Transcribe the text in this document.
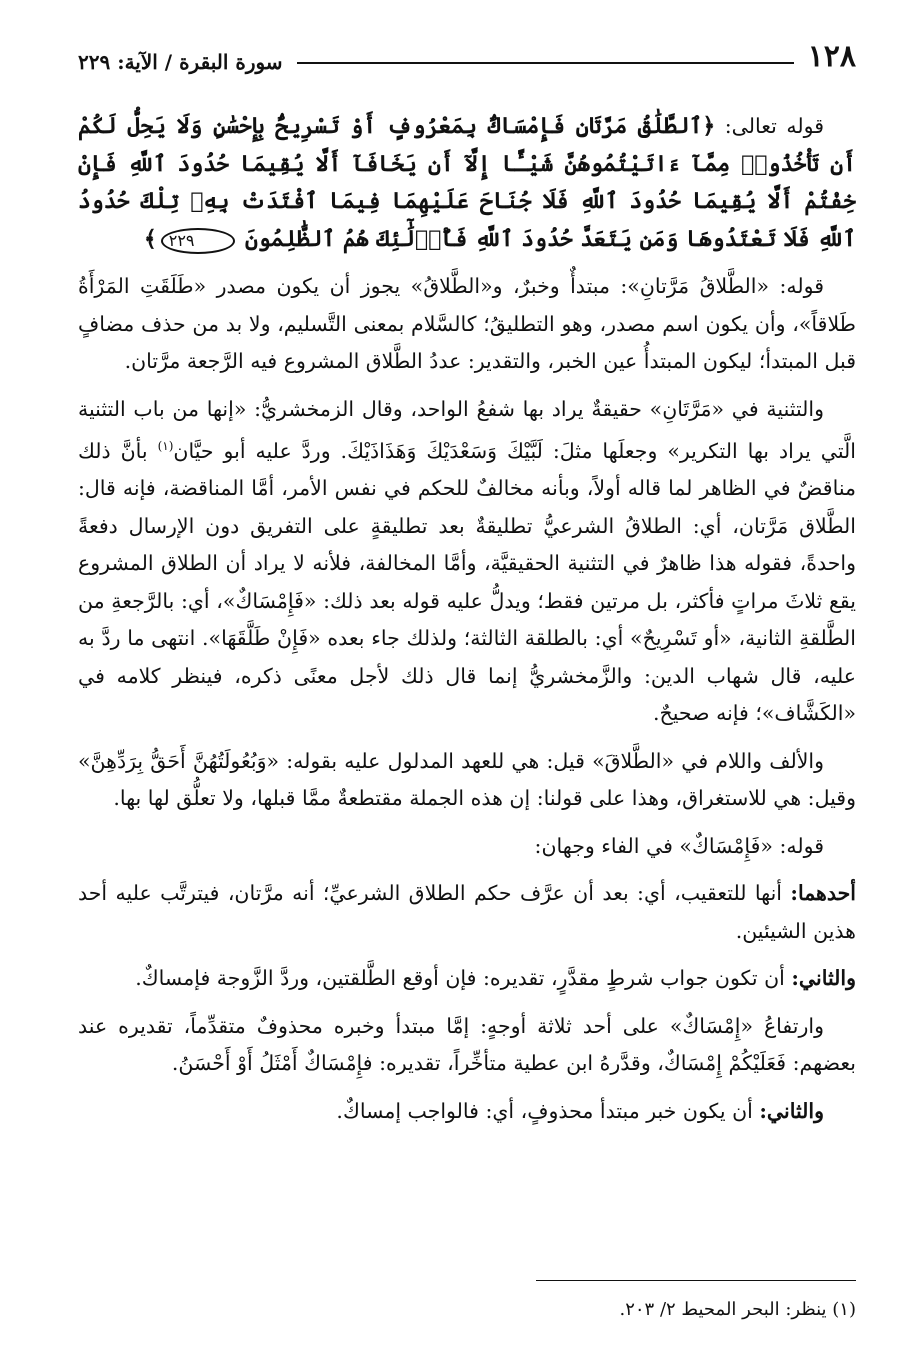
١٢٨
سورة البقرة / الآية: ٢٢٩

قوله تعالى: ﴿ٱلطَّلَٰقُ مَرَّتَانِ فَإِمْسَاكٌۢ بِمَعْرُوفٍ أَوْ تَسْرِيحٌۢ بِإِحْسَٰنٍ وَلَا يَحِلُّ لَكُمْ أَن تَأْخُذُوا۟ مِمَّآ ءَاتَيْتُمُوهُنَّ شَيْـًٔا إِلَّآ أَن يَخَافَآ أَلَّا يُقِيمَا حُدُودَ ٱللَّهِ فَإِنْ خِفْتُمْ أَلَّا يُقِيمَا حُدُودَ ٱللَّهِ فَلَا جُنَاحَ عَلَيْهِمَا فِيمَا ٱفْتَدَتْ بِهِۦ تِلْكَ حُدُودُ ٱللَّهِ فَلَا تَعْتَدُوهَا وَمَن يَتَعَدَّ حُدُودَ ٱللَّهِ فَأُو۟لَٰٓئِكَ هُمُ ٱلظَّٰلِمُونَ ٢٢٩﴾

قوله: «الطَّلاقُ مَرَّتانِ»: مبتدأٌ وخبرٌ، و«الطَّلاقُ» يجوز أن يكون مصدر «طَلَقَتِ المَرْأَةُ طَلاقاً»، وأن يكون اسم مصدر، وهو التطليقُ؛ كالسَّلام بمعنى التَّسليم، ولا بد من حذف مضافٍ قبل المبتدأ؛ ليكون المبتدأُ عين الخبر، والتقدير: عددُ الطَّلاق المشروع فيه الرَّجعة مرَّتان.

والتثنية في «مَرَّتَانِ» حقيقةٌ يراد بها شفعُ الواحد، وقال الزمخشريُّ: «إنها من باب التثنية الَّتي يراد بها التكرير» وجعلَها مثلَ: لَبَّيْكَ وَسَعْدَيْكَ وَهَذَاذَيْكَ. وردَّ عليه أبو حيَّان$^{(١)}$ بأنَّ ذلك مناقضٌ في الظاهر لما قاله أولاً، وبأنه مخالفٌ للحكم في نفس الأمر، أمَّا المناقضة، فإنه قال: الطَّلاق مَرَّتان، أي: الطلاقُ الشرعيُّ تطليقةٌ بعد تطليقةٍ على التفريق دون الإرسال دفعةً واحدةً، فقوله هذا ظاهرٌ في التثنية الحقيقيَّة، وأمَّا المخالفة، فلأنه لا يراد أن الطلاق المشروع يقع ثلاثَ مراتٍ فأكثر، بل مرتين فقط؛ ويدلُّ عليه قوله بعد ذلك: «فَإِمْسَاكٌ»، أي: بالرَّجعةِ من الطَّلقةِ الثانية، «أو تَسْرِيحٌ» أي: بالطلقة الثالثة؛ ولذلك جاء بعده «فَإِنْ طَلَّقَهَا». انتهى ما ردَّ به عليه، قال شهاب الدين: والزَّمخشريُّ إنما قال ذلك لأجل معنًى ذكره، فينظر كلامه في «الكَشَّاف»؛ فإنه صحيحٌ.

والألف واللام في «الطَّلاقَ» قيل: هي للعهد المدلول عليه بقوله: «وَبُعُولَتُهُنَّ أَحَقُّ بِرَدِّهِنَّ» وقيل: هي للاستغراق، وهذا على قولنا: إن هذه الجملة مقتطعةٌ ممَّا قبلها، ولا تعلُّق لها بها.

قوله: «فَإِمْسَاكٌ» في الفاء وجهان:

أحدهما: أنها للتعقيب، أي: بعد أن عرَّف حكم الطلاق الشرعيِّ؛ أنه مرَّتان، فيترتَّب عليه أحد هذين الشيئين.

والثاني: أن تكون جواب شرطٍ مقدَّرٍ، تقديره: فإن أوقع الطَّلقتين، وردَّ الزَّوجة فإمساكٌ.

وارتفاعُ «إِمْسَاكٌ» على أحد ثلاثة أوجهٍ: إمَّا مبتدأ وخبره محذوفٌ متقدِّماً، تقديره عند بعضهم: فَعَلَيْكُمْ إِمْسَاكٌ، وقدَّرهُ ابن عطية متأخِّراً، تقديره: فإِمْسَاكٌ أَمْثَلُ أَوْ أَحْسَنُ.

والثاني: أن يكون خبر مبتدأ محذوفٍ، أي: فالواجب إمساكٌ.

(١) ينظر: البحر المحيط ٢/ ٢٠٣.
